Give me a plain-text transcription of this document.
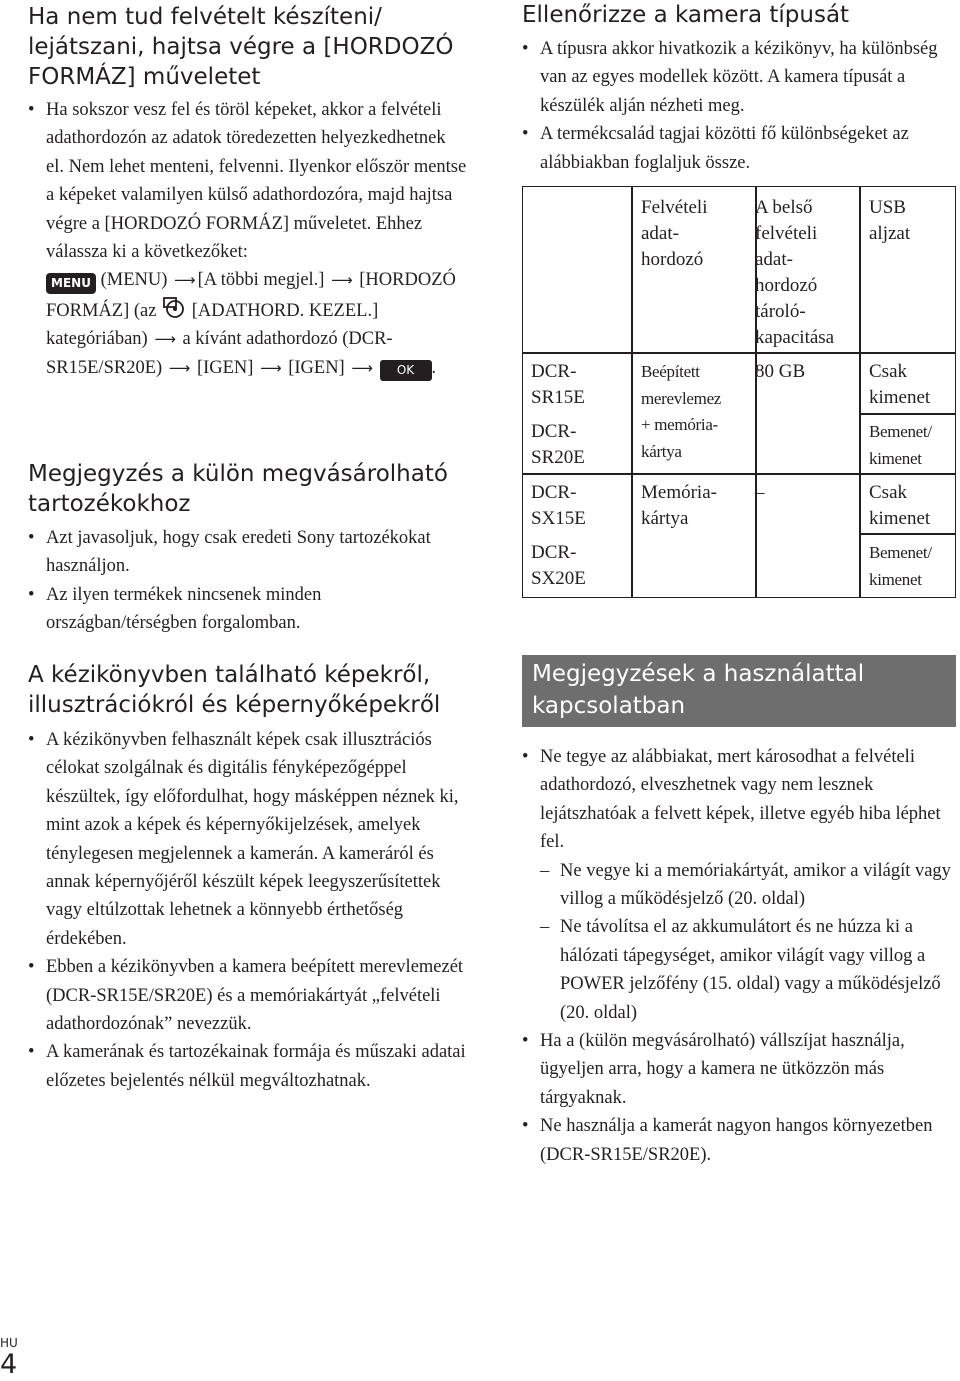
Ha nem tud felvételt készíteni/
lejátszani, hajtsa végre a [HORDOZÓ
FORMÁZ] műveletet
• Ha sokszor vesz fel és töröl képeket, akkor a felvételi adathordozón az adatok töredezetten helyezkedhetnek el. Nem lehet menteni, felvenni. Ilyenkor először mentse a képeket valamilyen külső adathordozóra, majd hajtsa végre a [HORDOZÓ FORMÁZ] műveletet. Ehhez válassza ki a következőket:
MENU (MENU) ⟶ [A többi megjel.] ⟶ [HORDOZÓ FORMÁZ] (az [ADATHORD. KEZEL.] kategóriában) ⟶ a kívánt adathordozó (DCR-SR15E/SR20E) ⟶ [IGEN] ⟶ [IGEN] ⟶ OK .
Megjegyzés a külön megvásárolható
tartozékokhoz
• Azt javasoljuk, hogy csak eredeti Sony tartozékokat használjon.
• Az ilyen termékek nincsenek minden országban/térségben forgalomban.
A kézikönyvben található képekről,
illusztrációkról és képernyőképekről
• A kézikönyvben felhasznált képek csak illusztrációs célokat szolgálnak és digitális fényképezőgéppel készültek, így előfordulhat, hogy másképpen néznek ki, mint azok a képek és képernyőkijelzések, amelyek ténylegesen megjelennek a kamerán. A kameráról és annak képernyőjéről készült képek leegyszerűsítettek vagy eltúlzottak lehetnek a könnyebb érthetőség érdekében.
• Ebben a kézikönyvben a kamera beépített merevlemezét (DCR-SR15E/SR20E) és a memóriakártyát „felvételi adathordozónak” nevezzük.
• A kamerának és tartozékainak formája és műszaki adatai előzetes bejelentés nélkül megváltozhatnak.
Ellenőrizze a kamera típusát
• A típusra akkor hivatkozik a kézikönyv, ha különbség van az egyes modellek között. A kamera típusát a készülék alján nézheti meg.
• A termékcsalád tagjai közötti fő különbségeket az alábbiakban foglaljuk össze.
Felvételi
adat-
hordozó
A belső
felvételi
adat-
hordozó
tároló-
kapacitása
USB
aljzat
DCR-
SR15E
DCR-
SR20E
DCR-
SX15E
DCR-
SX20E
Beépített
merevlemez
+ memória-
kártya
Memória-
kártya
80 GB
–
Csak
kimenet
Bemenet/
kimenet
Csak
kimenet
Bemenet/
kimenet
Megjegyzések a használattal
kapcsolatban
• Ne tegye az alábbiakat, mert károsodhat a felvételi adathordozó, elveszhetnek vagy nem lesznek lejátszhatóak a felvett képek, illetve egyéb hiba léphet fel.
– Ne vegye ki a memóriakártyát, amikor a világít vagy villog a működésjelző (20. oldal)
– Ne távolítsa el az akkumulátort és ne húzza ki a hálózati tápegységet, amikor világít vagy villog a POWER jelzőfény (15. oldal) vagy a működésjelző (20. oldal)
• Ha a (külön megvásárolható) vállszíjat használja, ügyeljen arra, hogy a kamera ne ütközzön más tárgyaknak.
• Ne használja a kamerát nagyon hangos környezetben (DCR-SR15E/SR20E).
HU
4
